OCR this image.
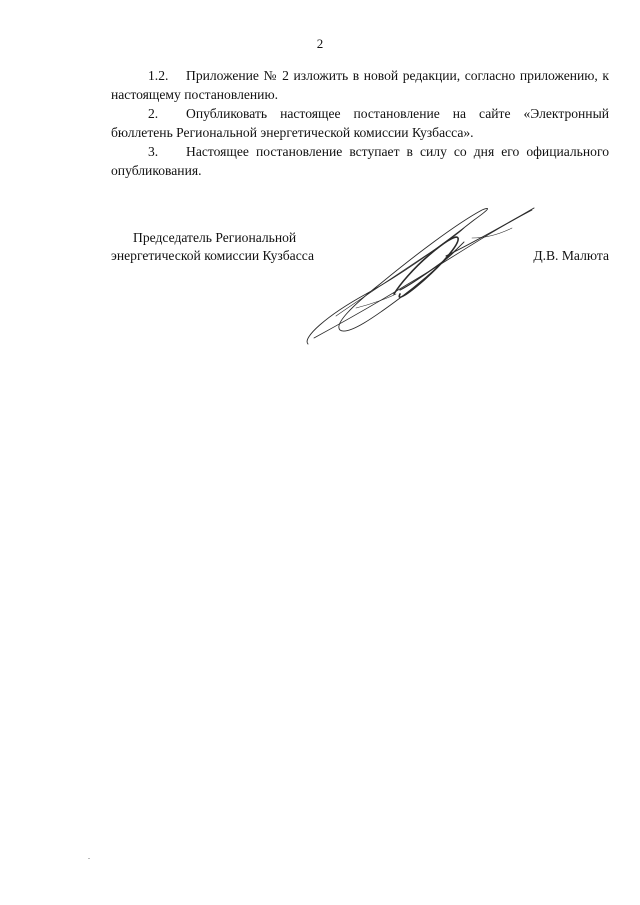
2

1.2. Приложение № 2 изложить в новой редакции, согласно приложению, к настоящему постановлению.

2. Опубликовать настоящее постановление на сайте «Электронный бюллетень Региональной энергетической комиссии Кузбасса».

3. Настоящее постановление вступает в силу со дня его официального опубликования.

Председатель Региональной
энергетической комиссии Кузбасса	Д.В. Малюта
